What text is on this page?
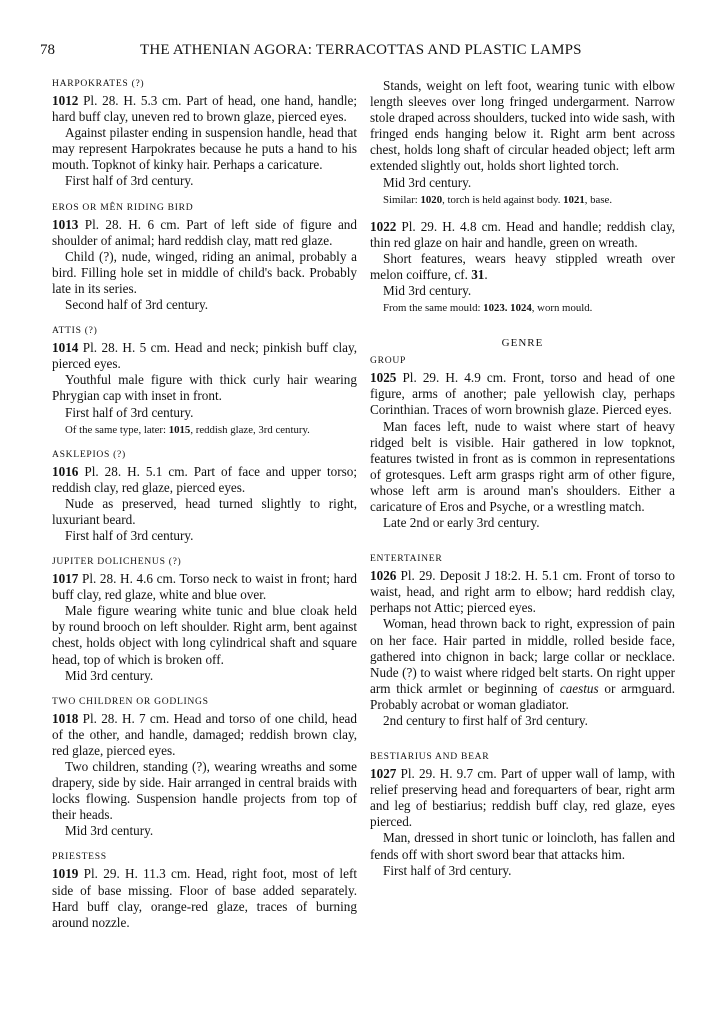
78	THE ATHENIAN AGORA: TERRACOTTAS AND PLASTIC LAMPS
HARPOKRATES (?)

1012 Pl. 28. H. 5.3 cm. Part of head, one hand, handle; hard buff clay, uneven red to brown glaze, pierced eyes.

Against pilaster ending in suspension handle, head that may represent Harpokrates because he puts a hand to his mouth. Topknot of kinky hair. Perhaps a caricature.

First half of 3rd century.

EROS OR MÊN RIDING BIRD

1013 Pl. 28. H. 6 cm. Part of left side of figure and shoulder of animal; hard reddish clay, matt red glaze.

Child (?), nude, winged, riding an animal, probably a bird. Filling hole set in middle of child's back. Probably late in its series.

Second half of 3rd century.

ATTIS (?)

1014 Pl. 28. H. 5 cm. Head and neck; pinkish buff clay, pierced eyes.

Youthful male figure with thick curly hair wearing Phrygian cap with inset in front.

First half of 3rd century.

Of the same type, later: 1015, reddish glaze, 3rd century.

ASKLEPIOS (?)

1016 Pl. 28. H. 5.1 cm. Part of face and upper torso; reddish clay, red glaze, pierced eyes.

Nude as preserved, head turned slightly to right, luxuriant beard.

First half of 3rd century.

JUPITER DOLICHENUS (?)

1017 Pl. 28. H. 4.6 cm. Torso neck to waist in front; hard buff clay, red glaze, white and blue over.

Male figure wearing white tunic and blue cloak held by round brooch on left shoulder. Right arm, bent against chest, holds object with long cylindrical shaft and square head, top of which is broken off.

Mid 3rd century.

TWO CHILDREN OR GODLINGS

1018 Pl. 28. H. 7 cm. Head and torso of one child, head of the other, and handle, damaged; reddish brown clay, red glaze, pierced eyes.

Two children, standing (?), wearing wreaths and some drapery, side by side. Hair arranged in central braids with locks flowing. Suspension handle projects from top of their heads.

Mid 3rd century.

PRIESTESS

1019 Pl. 29. H. 11.3 cm. Head, right foot, most of left side of base missing. Floor of base added separately. Hard buff clay, orange-red glaze, traces of burning around nozzle.

Stands, weight on left foot, wearing tunic with elbow length sleeves over long fringed undergarment. Narrow stole draped across shoulders, tucked into wide sash, with fringed ends hanging below it. Right arm bent across chest, holds long shaft of circular headed object; left arm extended slightly out, holds short lighted torch.

Mid 3rd century.

Similar: 1020, torch is held against body. 1021, base.

1022 Pl. 29. H. 4.8 cm. Head and handle; reddish clay, thin red glaze on hair and handle, green on wreath.

Short features, wears heavy stippled wreath over melon coiffure, cf. 31.

Mid 3rd century.

From the same mould: 1023. 1024, worn mould.

GENRE
GROUP

1025 Pl. 29. H. 4.9 cm. Front, torso and head of one figure, arms of another; pale yellowish clay, perhaps Corinthian. Traces of worn brownish glaze. Pierced eyes.

Man faces left, nude to waist where start of heavy ridged belt is visible. Hair gathered in low topknot, features twisted in front as is common in representations of grotesques. Left arm grasps right arm of other figure, whose left arm is around man's shoulders. Either a caricature of Eros and Psyche, or a wrestling match.

Late 2nd or early 3rd century.

ENTERTAINER

1026 Pl. 29. Deposit J 18:2. H. 5.1 cm. Front of torso to waist, head, and right arm to elbow; hard reddish clay, perhaps not Attic; pierced eyes.

Woman, head thrown back to right, expression of pain on her face. Hair parted in middle, rolled beside face, gathered into chignon in back; large collar or necklace. Nude (?) to waist where ridged belt starts. On right upper arm thick armlet or beginning of caestus or armguard. Probably acrobat or woman gladiator.

2nd century to first half of 3rd century.

BESTIARIUS AND BEAR

1027 Pl. 29. H. 9.7 cm. Part of upper wall of lamp, with relief preserving head and forequarters of bear, right arm and leg of bestiarius; reddish buff clay, red glaze, eyes pierced.

Man, dressed in short tunic or loincloth, has fallen and fends off with short sword bear that attacks him.

First half of 3rd century.
